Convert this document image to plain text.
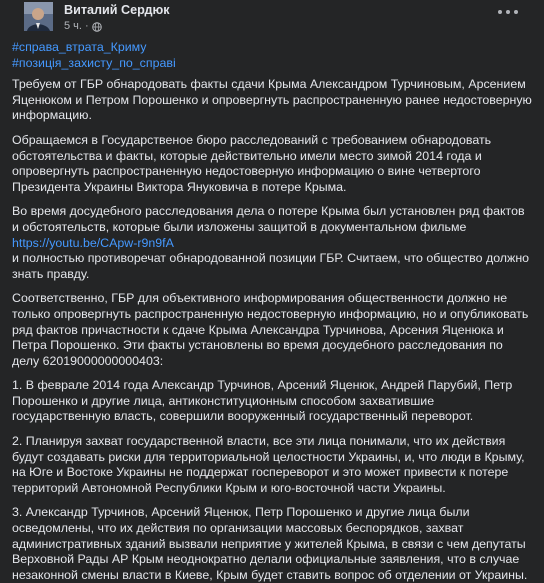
Виталий Сердюк
5 ч. ·
#справа_втрата_Криму
#позиція_захисту_по_справі

Требуем от ГБР обнародовать факты сдачи Крыма Александром Турчиновым, Арсением Яценюком и Петром Порошенко и опровергнуть распространенную ранее недостоверную информацию.

Обращаемся в Государственое бюро расследований с требованием обнародовать обстоятельства и факты, которые действительно имели место зимой 2014 года и опровергнуть распространенную недостоверную информацию о вине четвертого Президента Украины Виктора Януковича в потере Крыма.

Во время досудебного расследования дела о потере Крыма был установлен ряд фактов и обстоятельств, которые были изложены защитой в документальном фильме
https://youtu.be/CApw-r9n9fA
и полностью противоречат обнародованной позиции ГБР. Считаем, что общество должно знать правду.

Соответственно, ГБР для объективного информирования общественности должно не только опровергнуть распространенную недостоверную информацию, но и опубликовать ряд фактов причастности к сдаче Крыма Александра Турчинова, Арсения Яценюка и Петра Порошенко. Эти факты установлены во время досудебного расследования по делу 62019000000000403:

1. В феврале 2014 года Александр Турчинов, Арсений Яценюк, Андрей Парубий, Петр Порошенко и другие лица, антиконституционным способом захватившие государственную власть, совершили вооруженный государственный переворот.

2. Планируя захват государственной власти, все эти лица понимали, что их действия будут создавать риски для территориальной целостности Украины, и, что люди в Крыму, на Юге и Востоке Украины не поддержат госпереворот и это может привести к потере территорий Автономной Республики Крым и юго-восточной части Украины.

3. Александр Турчинов, Арсений Яценюк, Петр Порошенко и другие лица были осведомлены, что их действия по организации массовых беспорядков, захват административных зданий вызвали неприятие у жителей Крыма, в связи с чем депутаты Верховной Рады АР Крым неоднократно делали официальные заявления, что в случае незаконной смены власти в Киеве, Крым будет ставить вопрос об отделении от Украины.
